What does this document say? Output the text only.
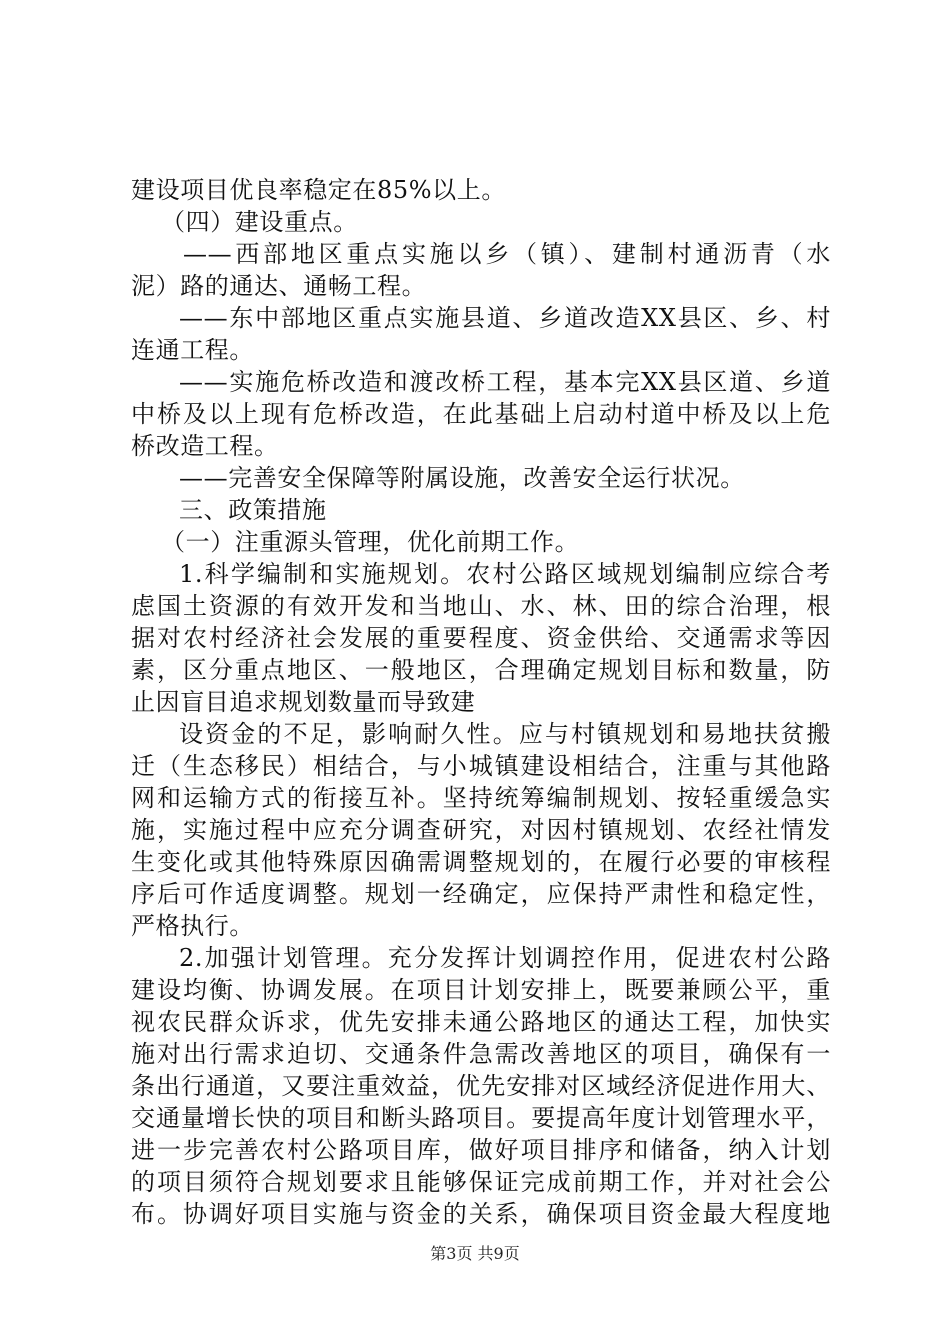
建设项目优良率稳定在85%以上。
（四）建设重点。
——西部地区重点实施以乡（镇）、建制村通沥青（水
泥）路的通达、通畅工程。
——东中部地区重点实施县道、乡道改造XX县区、乡、村
连通工程。
——实施危桥改造和渡改桥工程，基本完XX县区道、乡道
中桥及以上现有危桥改造，在此基础上启动村道中桥及以上危
桥改造工程。
——完善安全保障等附属设施，改善安全运行状况。
三、政策措施
（一）注重源头管理，优化前期工作。
1.科学编制和实施规划。农村公路区域规划编制应综合考
虑国土资源的有效开发和当地山、水、林、田的综合治理，根
据对农村经济社会发展的重要程度、资金供给、交通需求等因
素，区分重点地区、一般地区，合理确定规划目标和数量，防
止因盲目追求规划数量而导致建
设资金的不足，影响耐久性。应与村镇规划和易地扶贫搬
迁（生态移民）相结合，与小城镇建设相结合，注重与其他路
网和运输方式的衔接互补。坚持统筹编制规划、按轻重缓急实
施，实施过程中应充分调查研究，对因村镇规划、农经社情发
生变化或其他特殊原因确需调整规划的，在履行必要的审核程
序后可作适度调整。规划一经确定，应保持严肃性和稳定性，
严格执行。
2.加强计划管理。充分发挥计划调控作用，促进农村公路
建设均衡、协调发展。在项目计划安排上，既要兼顾公平，重
视农民群众诉求，优先安排未通公路地区的通达工程，加快实
施对出行需求迫切、交通条件急需改善地区的项目，确保有一
条出行通道，又要注重效益，优先安排对区域经济促进作用大、
交通量增长快的项目和断头路项目。要提高年度计划管理水平，
进一步完善农村公路项目库，做好项目排序和储备，纳入计划
的项目须符合规划要求且能够保证完成前期工作，并对社会公
布。协调好项目实施与资金的关系，确保项目资金最大程度地
第3页 共9页
